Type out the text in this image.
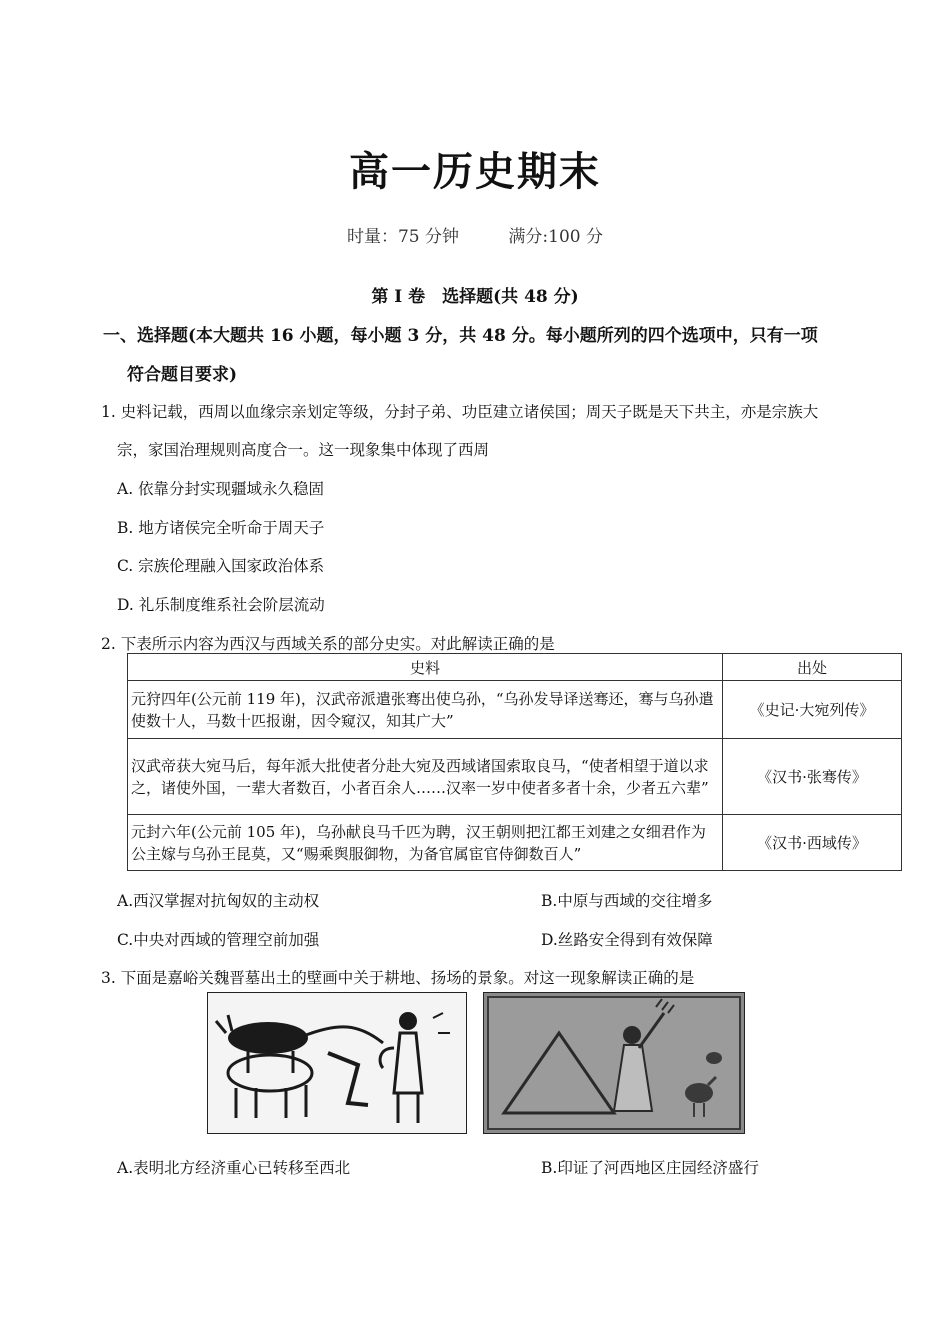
高一历史期末
时量：75 分钟	满分:100 分
第 Ⅰ 卷　选择题(共 48 分)
一、选择题(本大题共 16 小题，每小题 3 分，共 48 分。每小题所列的四个选项中，只有一项
符合题目要求)
1. 史料记载，西周以血缘宗亲划定等级，分封子弟、功臣建立诸侯国；周天子既是天下共主，亦是宗族大
宗，家国治理规则高度合一。这一现象集中体现了西周
A. 依靠分封实现疆域永久稳固
B. 地方诸侯完全听命于周天子
C. 宗族伦理融入国家政治体系
D. 礼乐制度维系社会阶层流动
2. 下表所示内容为西汉与西域关系的部分史实。对此解读正确的是
史料	出处
元狩四年(公元前 119 年)，汉武帝派遣张骞出使乌孙，“乌孙发导译送骞还，骞与乌孙遣使数十人，马数十匹报谢，因令窥汉，知其广大”	《史记·大宛列传》
汉武帝获大宛马后，每年派大批使者分赴大宛及西域诸国索取良马，“使者相望于道以求之，诸使外国，一辈大者数百，小者百余人……汉率一岁中使者多者十余，少者五六辈”	《汉书·张骞传》
元封六年(公元前 105 年)，乌孙献良马千匹为聘，汉王朝则把江都王刘建之女细君作为公主嫁与乌孙王昆莫，又“赐乘舆服御物，为备官属宦官侍御数百人”	《汉书·西域传》
A.西汉掌握对抗匈奴的主动权	B.中原与西域的交往增多
C.中央对西域的管理空前加强	D.丝路安全得到有效保障
3. 下面是嘉峪关魏晋墓出土的壁画中关于耕地、扬场的景象。对这一现象解读正确的是
A.表明北方经济重心已转移至西北	B.印证了河西地区庄园经济盛行
